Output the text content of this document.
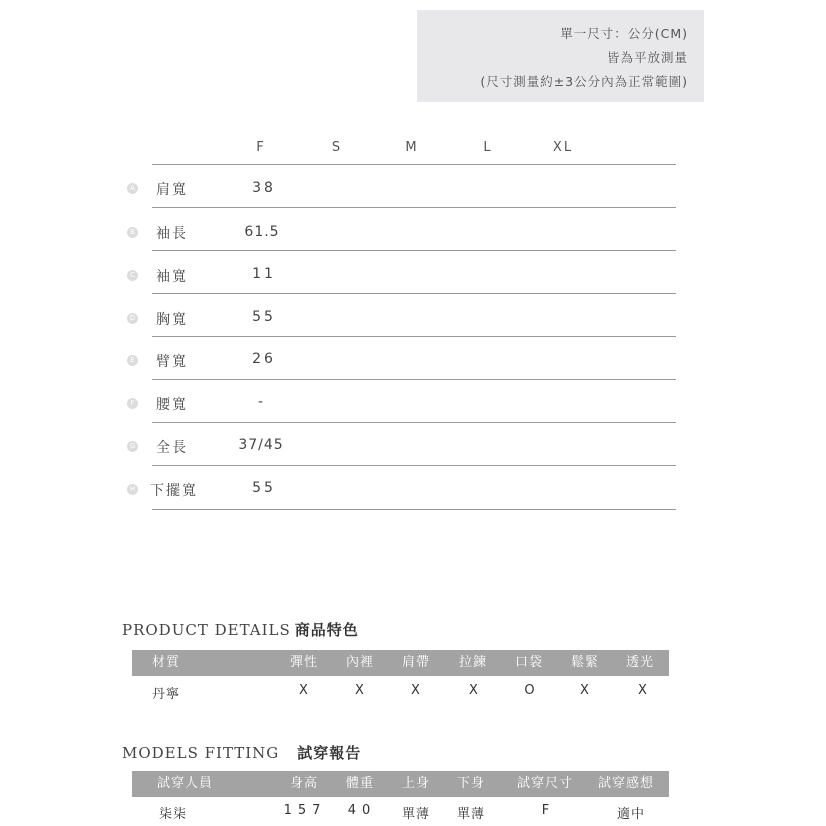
單一尺寸：公分(CM)
皆為平放測量
(尺寸測量約±3公分內為正常範圍)
F	S	M	L	XL
A 肩寬	38
B 袖長	61.5
C 袖寬	11
D 胸寬	55
E 臂寬	26
F 腰寬	-
G 全長	37/45
H 下擺寬	55
PRODUCT DETAILS 商品特色
材質	彈性 內裡 肩帶 拉鍊 口袋 鬆緊 透光
丹寧	X	X	X	X	O	X	X
MODELS FITTING 試穿報告
試穿人員	身高 體重 上身 下身 試穿尺寸 試穿感想
柒柒	157 40 單薄 單薄	F	適中
